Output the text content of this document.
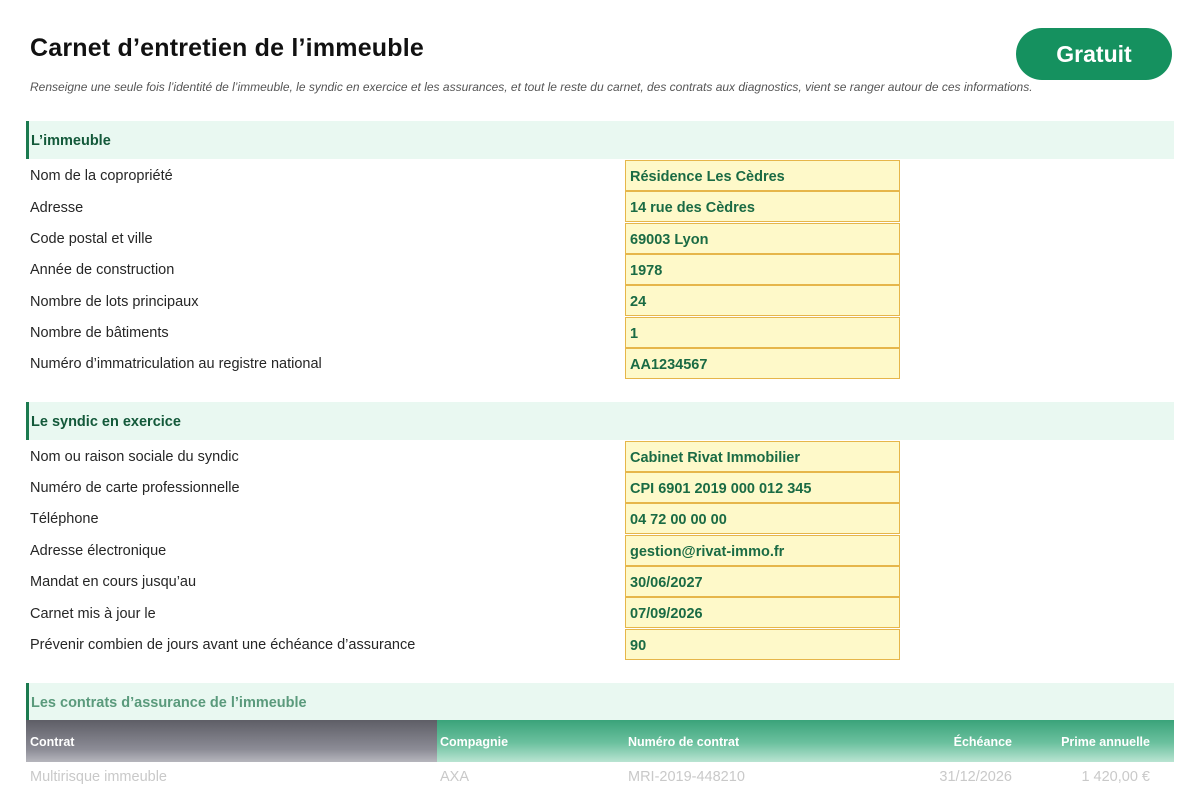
Carnet d’entretien de l’immeuble
Renseigne une seule fois l’identité de l’immeuble, le syndic en exercice et les assurances, et tout le reste du carnet, des contrats aux diagnostics, vient se ranger autour de ces informations.
Gratuit
L’immeuble
Nom de la copropriété	Résidence Les Cèdres
Adresse	14 rue des Cèdres
Code postal et ville	69003 Lyon
Année de construction	1978
Nombre de lots principaux	24
Nombre de bâtiments	1
Numéro d’immatriculation au registre national	AA1234567
Le syndic en exercice
Nom ou raison sociale du syndic	Cabinet Rivat Immobilier
Numéro de carte professionnelle	CPI 6901 2019 000 012 345
Téléphone	04 72 00 00 00
Adresse électronique	gestion@rivat-immo.fr
Mandat en cours jusqu’au	30/06/2027
Carnet mis à jour le	07/09/2026
Prévenir combien de jours avant une échéance d’assurance	90
Les contrats d’assurance de l’immeuble
Contrat	Compagnie	Numéro de contrat	Échéance	Prime annuelle
Multirisque immeuble	AXA	MRI-2019-448210	31/12/2026	1 420,00 €
